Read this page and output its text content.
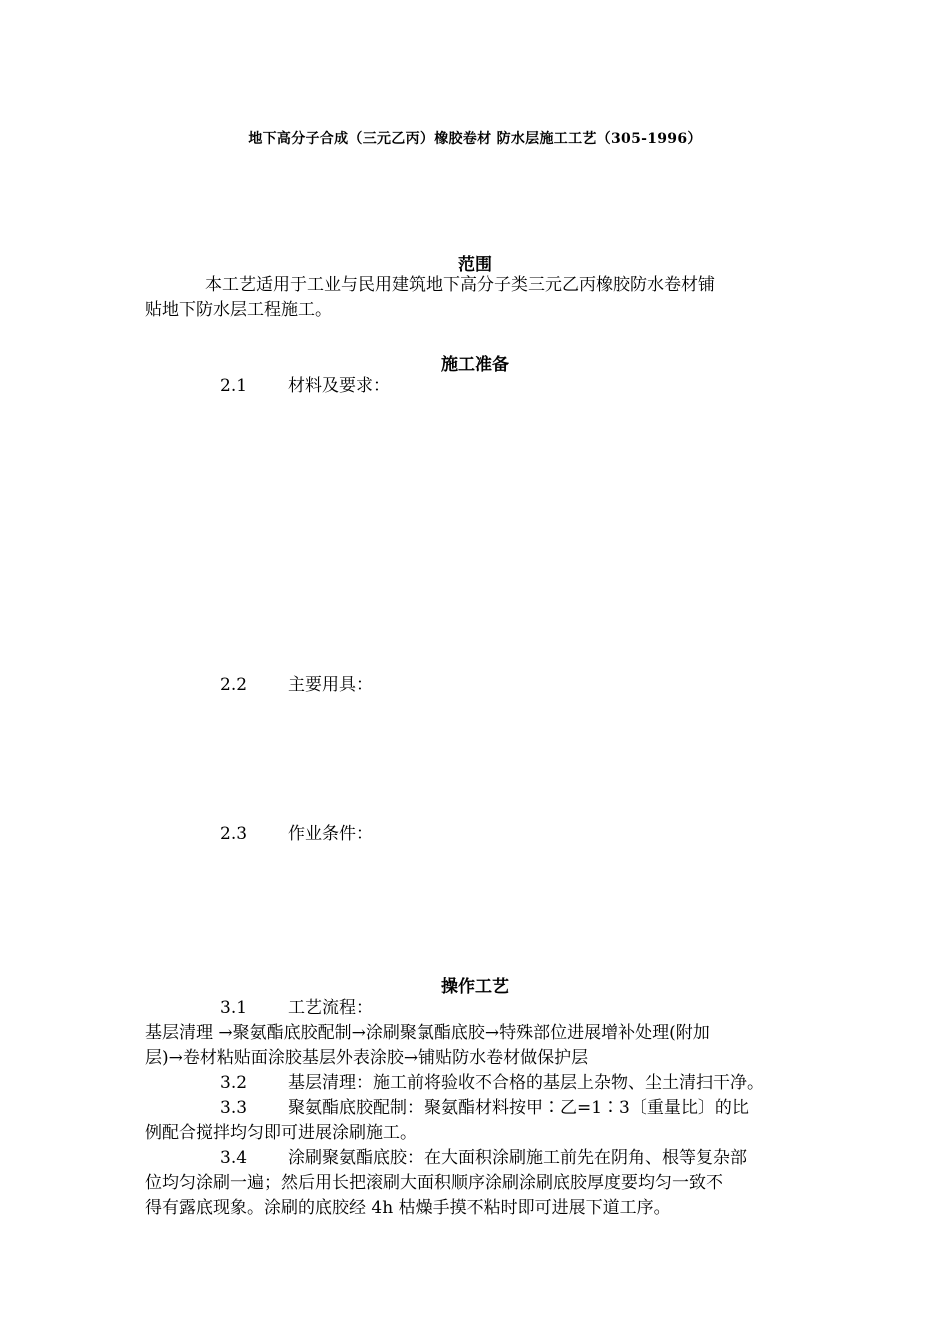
地下高分子合成（三元乙丙）橡胶卷材 防水层施工工艺（305-1996）
范围
本工艺适用于工业与民用建筑地下高分子类三元乙丙橡胶防水卷材铺
贴地下防水层工程施工。
施工准备
2.1 材料及要求：
2.2 主要用具：
2.3 作业条件：
操作工艺
3.1 工艺流程：
基层清理 →聚氨酯底胶配制→涂刷聚氯酯底胶→特殊部位进展增补处理(附加
层)→卷材粘贴面涂胶基层外表涂胶→铺贴防水卷材做保护层
3.2 基层清理：施工前将验收不合格的基层上杂物、尘土清扫干净。
3.3 聚氨酯底胶配制：聚氨酯材料按甲∶乙=1∶3〔重量比〕的比
例配合搅拌均匀即可进展涂刷施工。
3.4 涂刷聚氨酯底胶：在大面积涂刷施工前先在阴角、根等复杂部
位均匀涂刷一遍；然后用长把滚刷大面积顺序涂刷涂刷底胶厚度要均匀一致不
得有露底现象。涂刷的底胶经 4h 枯燥手摸不粘时即可进展下道工序。
